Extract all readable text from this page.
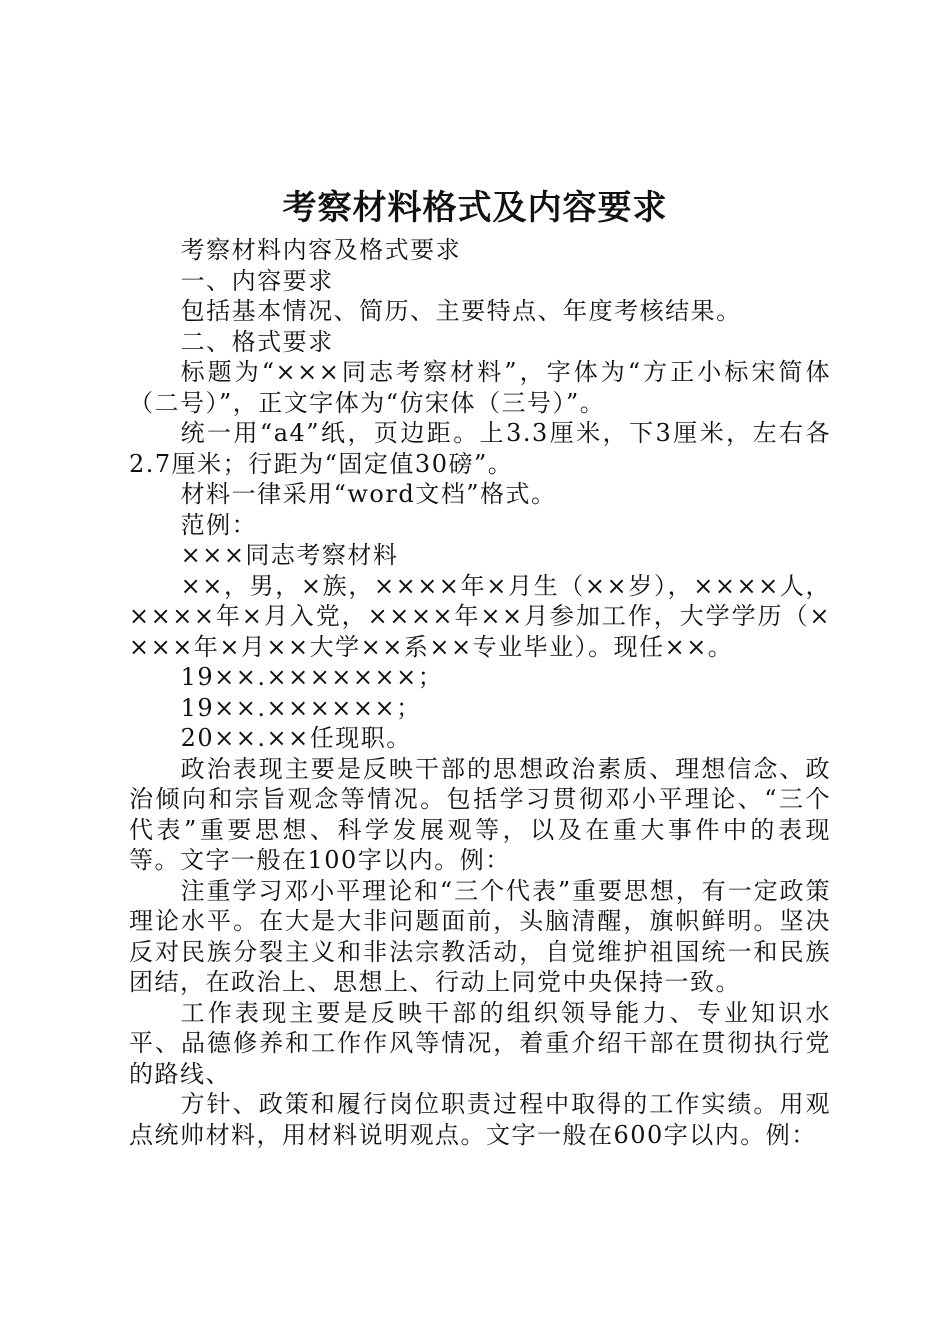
考察材料格式及内容要求

考察材料内容及格式要求

一、内容要求

包括基本情况、简历、主要特点、年度考核结果。

二、格式要求

标题为“×××同志考察材料”，字体为“方正小标宋简体（二号）”，正文字体为“仿宋体（三号）”。

统一用“a4”纸，页边距。上3.3厘米，下3厘米，左右各2.7厘米；行距为“固定值30磅”。

材料一律采用“word文档”格式。

范例：

×××同志考察材料

××，男，×族，××××年×月生（××岁），××××人，××××年×月入党，××××年××月参加工作，大学学历（××××年×月××大学××系××专业毕业）。现任××。

19××.×××××××；

19××.××××××；

20××.××任现职。

政治表现主要是反映干部的思想政治素质、理想信念、政治倾向和宗旨观念等情况。包括学习贯彻邓小平理论、“三个代表”重要思想、科学发展观等，以及在重大事件中的表现等。文字一般在100字以内。例：

注重学习邓小平理论和“三个代表”重要思想，有一定政策理论水平。在大是大非问题面前，头脑清醒，旗帜鲜明。坚决反对民族分裂主义和非法宗教活动，自觉维护祖国统一和民族团结，在政治上、思想上、行动上同党中央保持一致。

工作表现主要是反映干部的组织领导能力、专业知识水平、品德修养和工作作风等情况，着重介绍干部在贯彻执行党的路线、

方针、政策和履行岗位职责过程中取得的工作实绩。用观点统帅材料，用材料说明观点。文字一般在600字以内。例：
